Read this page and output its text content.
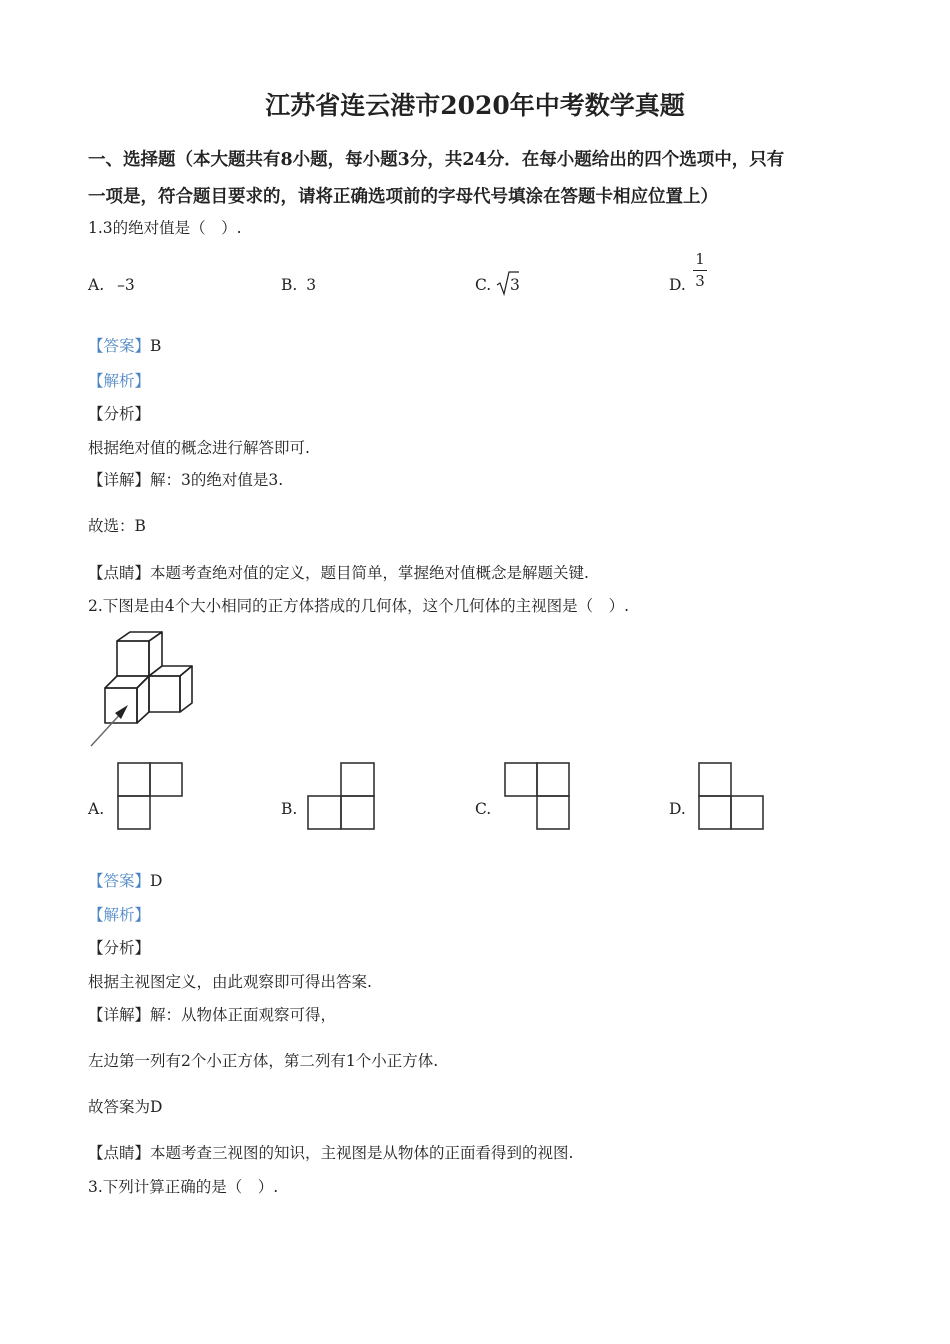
江苏省连云港市2020年中考数学真题
一、选择题（本大题共有8小题，每小题3分，共24分．在每小题给出的四个选项中，只有
一项是，符合题目要求的，请将正确选项前的字母代号填涂在答题卡相应位置上）
1.3的绝对值是（　）.
A. –3	B. 3	C. 3	D.
1
3
【答案】B
【解析】
【分析】
根据绝对值的概念进行解答即可.
【详解】解：3的绝对值是3.
故选：B
【点睛】本题考查绝对值的定义，题目简单，掌握绝对值概念是解题关键.
2.下图是由4个大小相同的正方体搭成的几何体，这个几何体的主视图是（　）.
A.	B.	C.	D.
【答案】D
【解析】
【分析】
根据主视图定义，由此观察即可得出答案.
【详解】解：从物体正面观察可得，
左边第一列有2个小正方体，第二列有1个小正方体.
故答案为D
【点睛】本题考查三视图的知识，主视图是从物体的正面看得到的视图.
3.下列计算正确的是（　）.
